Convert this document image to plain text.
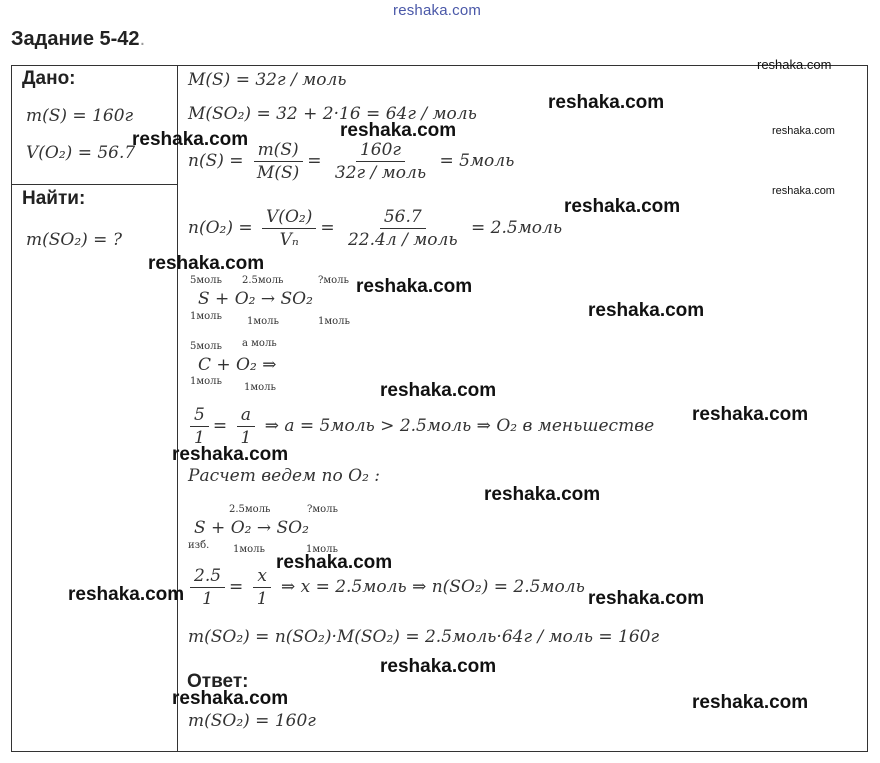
reshaka.com
Задание 5-42.
Дано:
m(S) = 160г
V(O₂) = 56.7
Найти:
m(SO₂) = ?
M(S) = 32г / моль
M(SO₂) = 32 + 2·16 = 64г / моль
$n(S) = \frac{m(S)}{M(S)} = \frac{160г}{\text{32г / моль}}$ = 5моль
$n(O_2) = \frac{\text{V(O₂)}}{\text{Vₙ}} = \frac{56.7}{\text{22.4л / моль}}$ = 2.5моль
5моль 2.5моль	?моль
S + O₂ → SO₂
1моль	1моль	1моль
5моль a моль
C + O₂ ⇒
1моль
1моль
$\frac{5}{1} = \frac{a}{1}$ ⇒ a = 5моль > 2.5моль ⇒ O₂ в меньшестве
Расчет ведем по O₂ :
2.5моль	?моль
S + O₂ → SO₂
изб. 1моль	1моль
$\frac{2.5}{1} = \frac{x}{1}$ ⇒ x = 2.5моль ⇒ n(SO₂) = 2.5моль
m(SO₂) = n(SO₂)·M(SO₂) = 2.5моль·64г / моль = 160г
Ответ:
m(SO₂) = 160г
reshaka.com
reshaka.com
reshaka.com
reshaka.com	reshaka.com
reshaka.com
reshaka.com
reshaka.com
reshaka.com
reshaka.com
reshaka.com
reshaka.com
reshaka.com
reshaka.com
reshaka.com
reshaka.com	reshaka.com
reshaka.com
reshaka.com	reshaka.com
